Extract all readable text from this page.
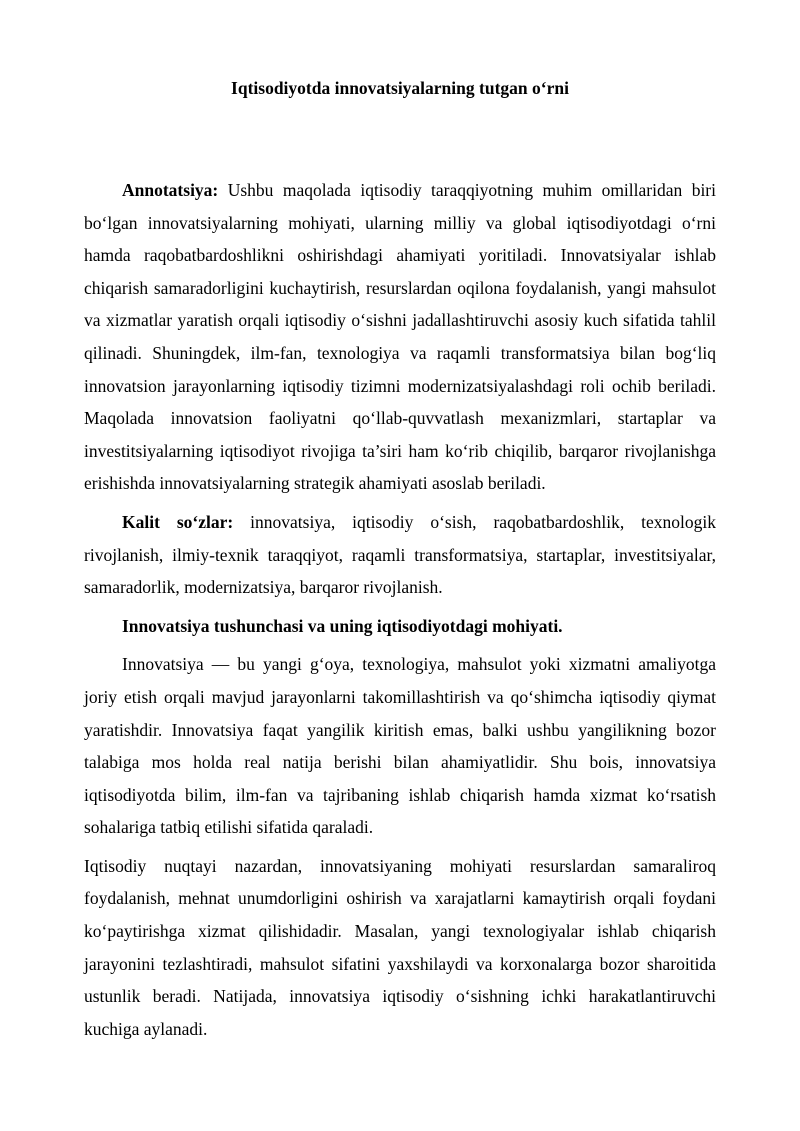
Iqtisodiyotda innovatsiyalarning tutgan o‘rni

Annotatsiya: Ushbu maqolada iqtisodiy taraqqiyotning muhim omillaridan biri bo‘lgan innovatsiyalarning mohiyati, ularning milliy va global iqtisodiyotdagi o‘rni hamda raqobatbardoshlikni oshirishdagi ahamiyati yoritiladi. Innovatsiyalar ishlab chiqarish samaradorligini kuchaytirish, resurslardan oqilona foydalanish, yangi mahsulot va xizmatlar yaratish orqali iqtisodiy o‘sishni jadallashtiruvchi asosiy kuch sifatida tahlil qilinadi. Shuningdek, ilm-fan, texnologiya va raqamli transformatsiya bilan bog‘liq innovatsion jarayonlarning iqtisodiy tizimni modernizatsiyalashdagi roli ochib beriladi. Maqolada innovatsion faoliyatni qo‘llab-quvvatlash mexanizmlari, startaplar va investitsiyalarning iqtisodiyot rivojiga ta’siri ham ko‘rib chiqilib, barqaror rivojlanishga erishishda innovatsiyalarning strategik ahamiyati asoslab beriladi.

Kalit so‘zlar: innovatsiya, iqtisodiy o‘sish, raqobatbardoshlik, texnologik rivojlanish, ilmiy-texnik taraqqiyot, raqamli transformatsiya, startaplar, investitsiyalar, samaradorlik, modernizatsiya, barqaror rivojlanish.

Innovatsiya tushunchasi va uning iqtisodiyotdagi mohiyati.

Innovatsiya — bu yangi g‘oya, texnologiya, mahsulot yoki xizmatni amaliyotga joriy etish orqali mavjud jarayonlarni takomillashtirish va qo‘shimcha iqtisodiy qiymat yaratishdir. Innovatsiya faqat yangilik kiritish emas, balki ushbu yangilikning bozor talabiga mos holda real natija berishi bilan ahamiyatlidir. Shu bois, innovatsiya iqtisodiyotda bilim, ilm-fan va tajribaning ishlab chiqarish hamda xizmat ko‘rsatish sohalariga tatbiq etilishi sifatida qaraladi.

Iqtisodiy nuqtayi nazardan, innovatsiyaning mohiyati resurslardan samaraliroq foydalanish, mehnat unumdorligini oshirish va xarajatlarni kamaytirish orqali foydani ko‘paytirishga xizmat qilishidadir. Masalan, yangi texnologiyalar ishlab chiqarish jarayonini tezlashtiradi, mahsulot sifatini yaxshilaydi va korxonalarga bozor sharoitida ustunlik beradi. Natijada, innovatsiya iqtisodiy o‘sishning ichki harakatlantiruvchi kuchiga aylanadi.
